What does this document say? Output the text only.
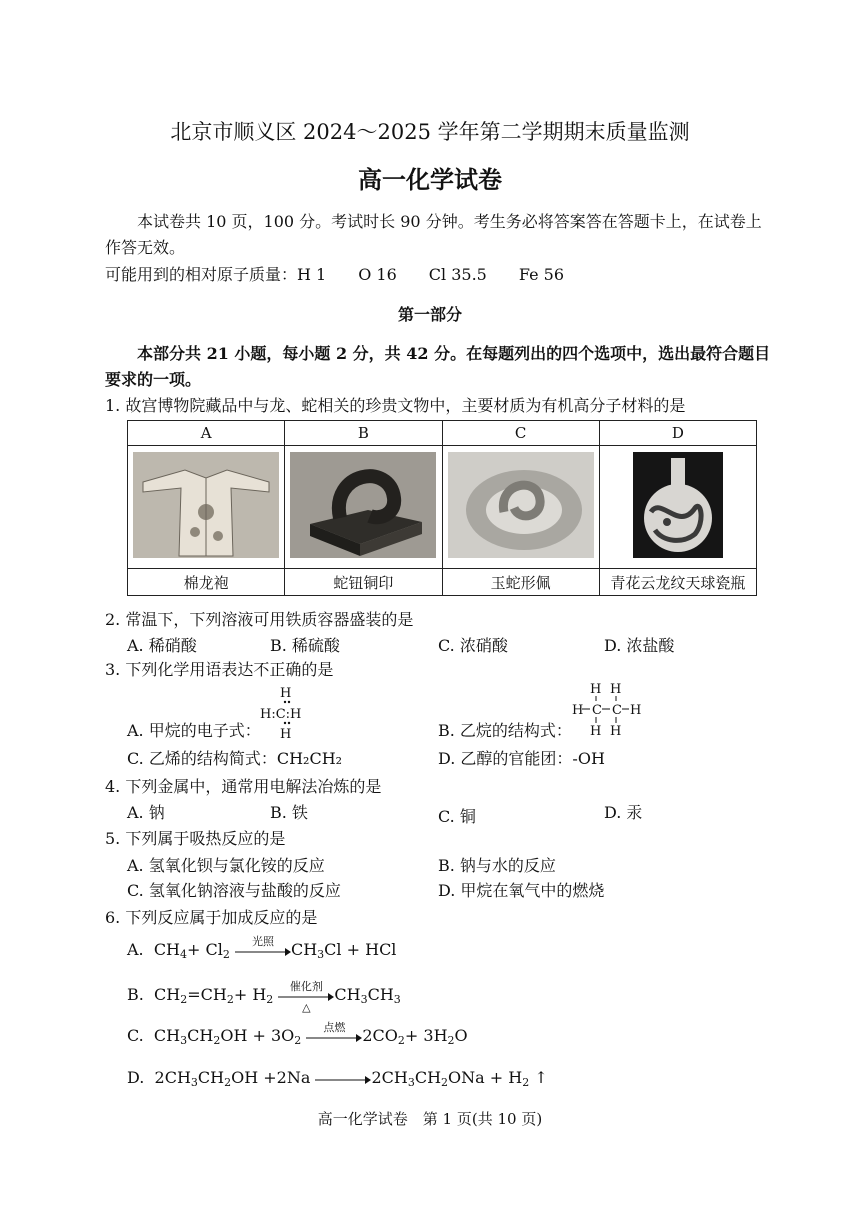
北京市顺义区 2024～2025 学年第二学期期末质量监测
高一化学试卷
本试卷共 10 页，100 分。考试时长 90 分钟。考生务必将答案答在答题卡上，在试卷上
作答无效。
可能用到的相对原子质量：H 1　　O 16　　Cl 35.5　　Fe 56
第一部分
本部分共 21 小题，每小题 2 分，共 42 分。在每题列出的四个选项中，选出最符合题目
要求的一项。
1. 故宫博物院藏品中与龙、蛇相关的珍贵文物中，主要材质为有机高分子材料的是
A	B	C	D

棉龙袍	蛇钮铜印	玉蛇形佩	青花云龙纹天球瓷瓶
2. 常温下，下列溶液可用铁质容器盛装的是
A. 稀硝酸	B. 稀硫酸	C. 浓硝酸	D. 浓盐酸
3. 下列化学用语表达不正确的是
A. 甲烷的电子式：
H
H:C:H
H	B. 乙烷的结构式：
H H
H C C H
H H
C. 乙烯的结构简式：CH₂CH₂	D. 乙醇的官能团：-OH
4. 下列金属中，通常用电解法冶炼的是
A. 钠	B. 铁	C. 铜	D. 汞
5. 下列属于吸热反应的是
A. 氢氧化钡与氯化铵的反应	B. 钠与水的反应
C. 氢氧化钠溶液与盐酸的反应	D. 甲烷在氧气中的燃烧
6. 下列反应属于加成反应的是
A.  $CH_4+ Cl_2$
光照	$CH_3Cl$ + HCl
B.  $CH_2=CH_2+ H_2$
催化剂
△
$CH_3CH_3$
C.  $CH_3CH_2OH + 3O_2$
点燃	$2CO_2+ 3H_2O$
D.  $2CH_3CH_2OH +2Na \to 2CH_3CH_2ONa + H_2$ ↑
高一化学试卷　第 1 页(共 10 页)
